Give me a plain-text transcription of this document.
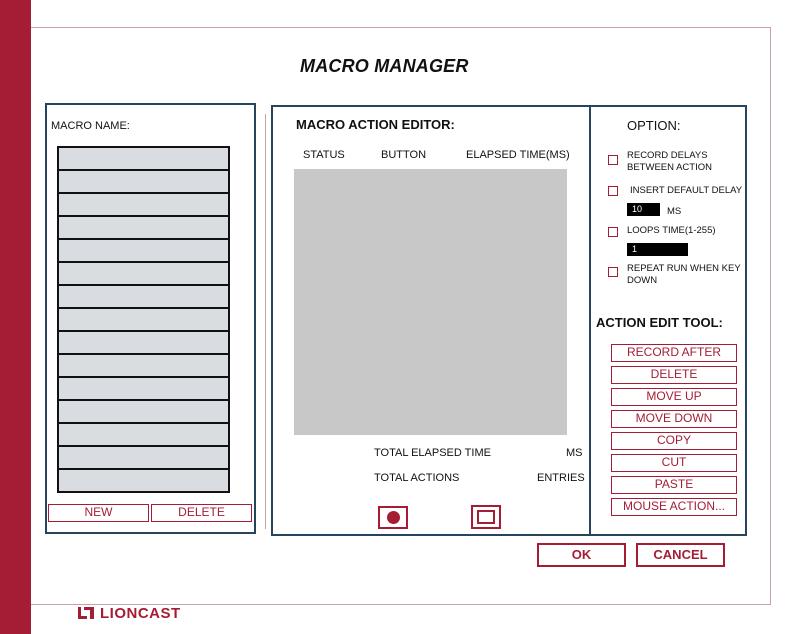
MACRO MANAGER
MACRO NAME:
NEW	DELETE
MACRO ACTION EDITOR:
STATUS	BUTTON	ELAPSED TIME(MS)
TOTAL ELAPSED TIME	MS
TOTAL ACTIONS	ENTRIES
OPTION:
RECORD DELAYS
BETWEEN ACTION
INSERT DEFAULT DELAY
10	MS
LOOPS TIME(1-255)
1
REPEAT RUN WHEN KEY
DOWN
ACTION EDIT TOOL:
RECORD AFTER
DELETE
MOVE UP
MOVE DOWN
COPY
CUT
PASTE
MOUSE ACTION...
OK	CANCEL
LIONCAST
